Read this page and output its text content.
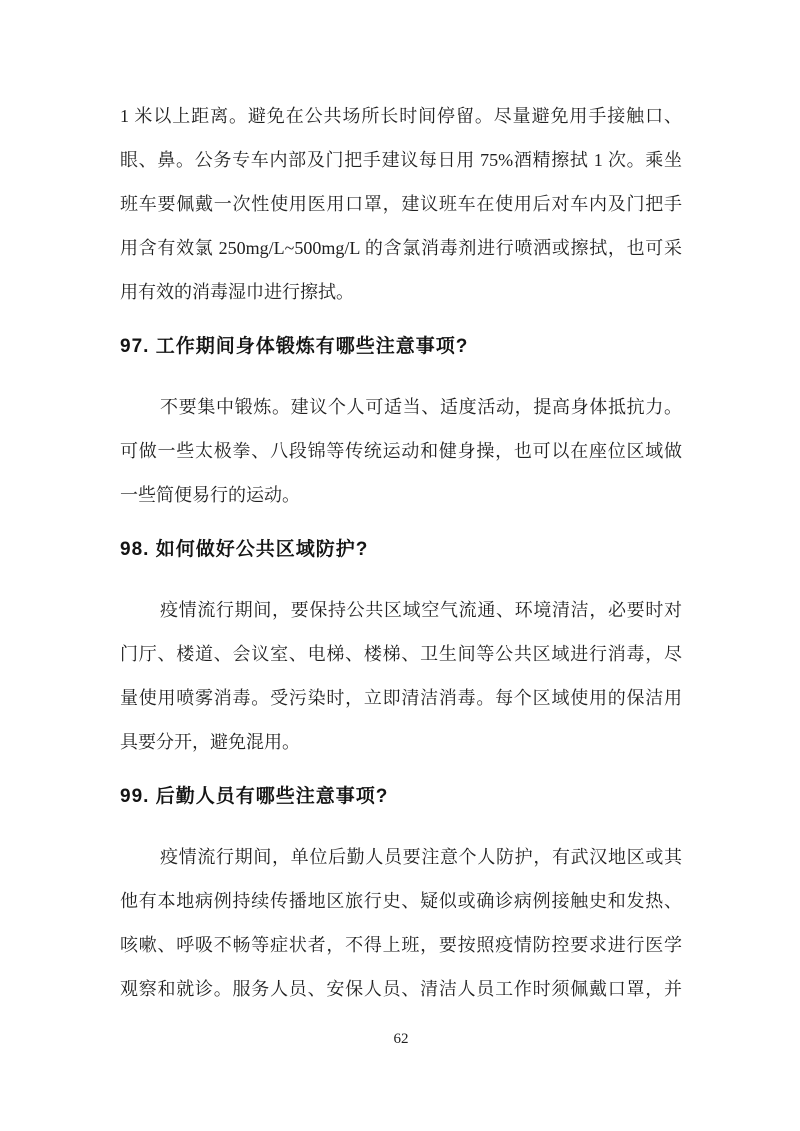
1 米以上距离。避免在公共场所长时间停留。尽量避免用手接触口、
眼、鼻。公务专车内部及门把手建议每日用 75%酒精擦拭 1 次。乘坐
班车要佩戴一次性使用医用口罩，建议班车在使用后对车内及门把手
用含有效氯 250mg/L~500mg/L 的含氯消毒剂进行喷洒或擦拭，也可采
用有效的消毒湿巾进行擦拭。
97. 工作期间身体锻炼有哪些注意事项?
不要集中锻炼。建议个人可适当、适度活动，提高身体抵抗力。
可做一些太极拳、八段锦等传统运动和健身操，也可以在座位区域做
一些简便易行的运动。
98. 如何做好公共区域防护?
疫情流行期间，要保持公共区域空气流通、环境清洁，必要时对
门厅、楼道、会议室、电梯、楼梯、卫生间等公共区域进行消毒，尽
量使用喷雾消毒。受污染时，立即清洁消毒。每个区域使用的保洁用
具要分开，避免混用。
99. 后勤人员有哪些注意事项?
疫情流行期间，单位后勤人员要注意个人防护，有武汉地区或其
他有本地病例持续传播地区旅行史、疑似或确诊病例接触史和发热、
咳嗽、呼吸不畅等症状者，不得上班，要按照疫情防控要求进行医学
观察和就诊。服务人员、安保人员、清洁人员工作时须佩戴口罩，并
62
